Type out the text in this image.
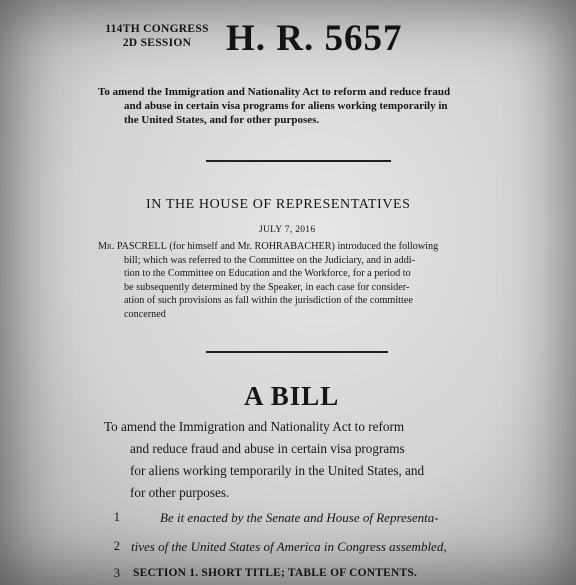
114TH CONGRESS
2D SESSION H. R. 5657
To amend the Immigration and Nationality Act to reform and reduce fraud
and abuse in certain visa programs for aliens working temporarily in
the United States, and for other purposes.
IN THE HOUSE OF REPRESENTATIVES
JULY 7, 2016
Mr. PASCRELL (for himself and Mr. ROHRABACHER) introduced the following
bill; which was referred to the Committee on the Judiciary, and in addi-
tion to the Committee on Education and the Workforce, for a period to
be subsequently determined by the Speaker, in each case for consider-
ation of such provisions as fall within the jurisdiction of the committee
concerned
A BILL
To amend the Immigration and Nationality Act to reform
and reduce fraud and abuse in certain visa programs
for aliens working temporarily in the United States, and
for other purposes.
1	Be it enacted by the Senate and House of Representa-
2 tives of the United States of America in Congress assembled,
3 SECTION 1. SHORT TITLE; TABLE OF CONTENTS.
